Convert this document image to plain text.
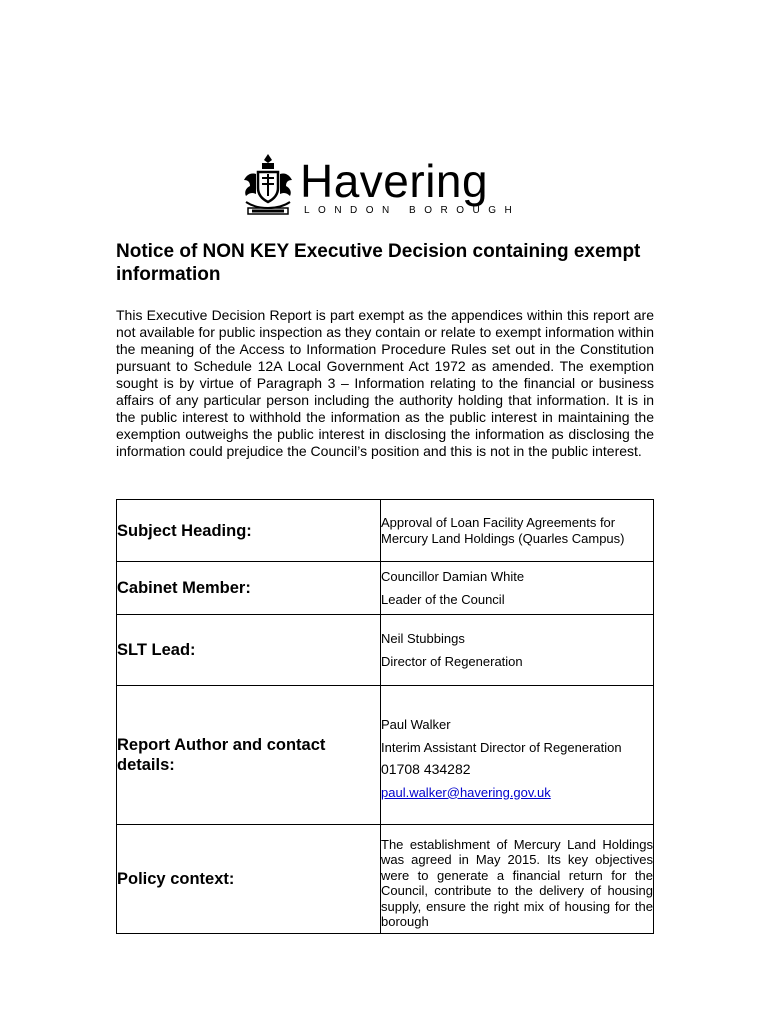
Havering
LONDON BOROUGH
Notice of NON KEY Executive Decision containing exempt information

This Executive Decision Report is part exempt as the appendices within this report are not available for public inspection as they contain or relate to exempt information within the meaning of the Access to Information Procedure Rules set out in the Constitution pursuant to Schedule 12A Local Government Act 1972 as amended. The exemption sought is by virtue of Paragraph 3 – Information relating to the financial or business affairs of any particular person including the authority holding that information. It is in the public interest to withhold the information as the public interest in maintaining the exemption outweighs the public interest in disclosing the information as disclosing the information could prejudice the Council’s position and this is not in the public interest.

Subject Heading:	Approval of Loan Facility Agreements for Mercury Land Holdings (Quarles Campus)

Cabinet Member:	Councillor Damian White

Leader of the Council

SLT Lead:	Neil Stubbings

Director of Regeneration

Report Author and contact details:	Paul Walker

Interim Assistant Director of Regeneration

01708 434282

paul.walker@havering.gov.uk

Policy context:	The establishment of Mercury Land Holdings was agreed in May 2015. Its key objectives were to generate a financial return for the Council, contribute to the delivery of housing supply, ensure the right mix of housing for the borough
